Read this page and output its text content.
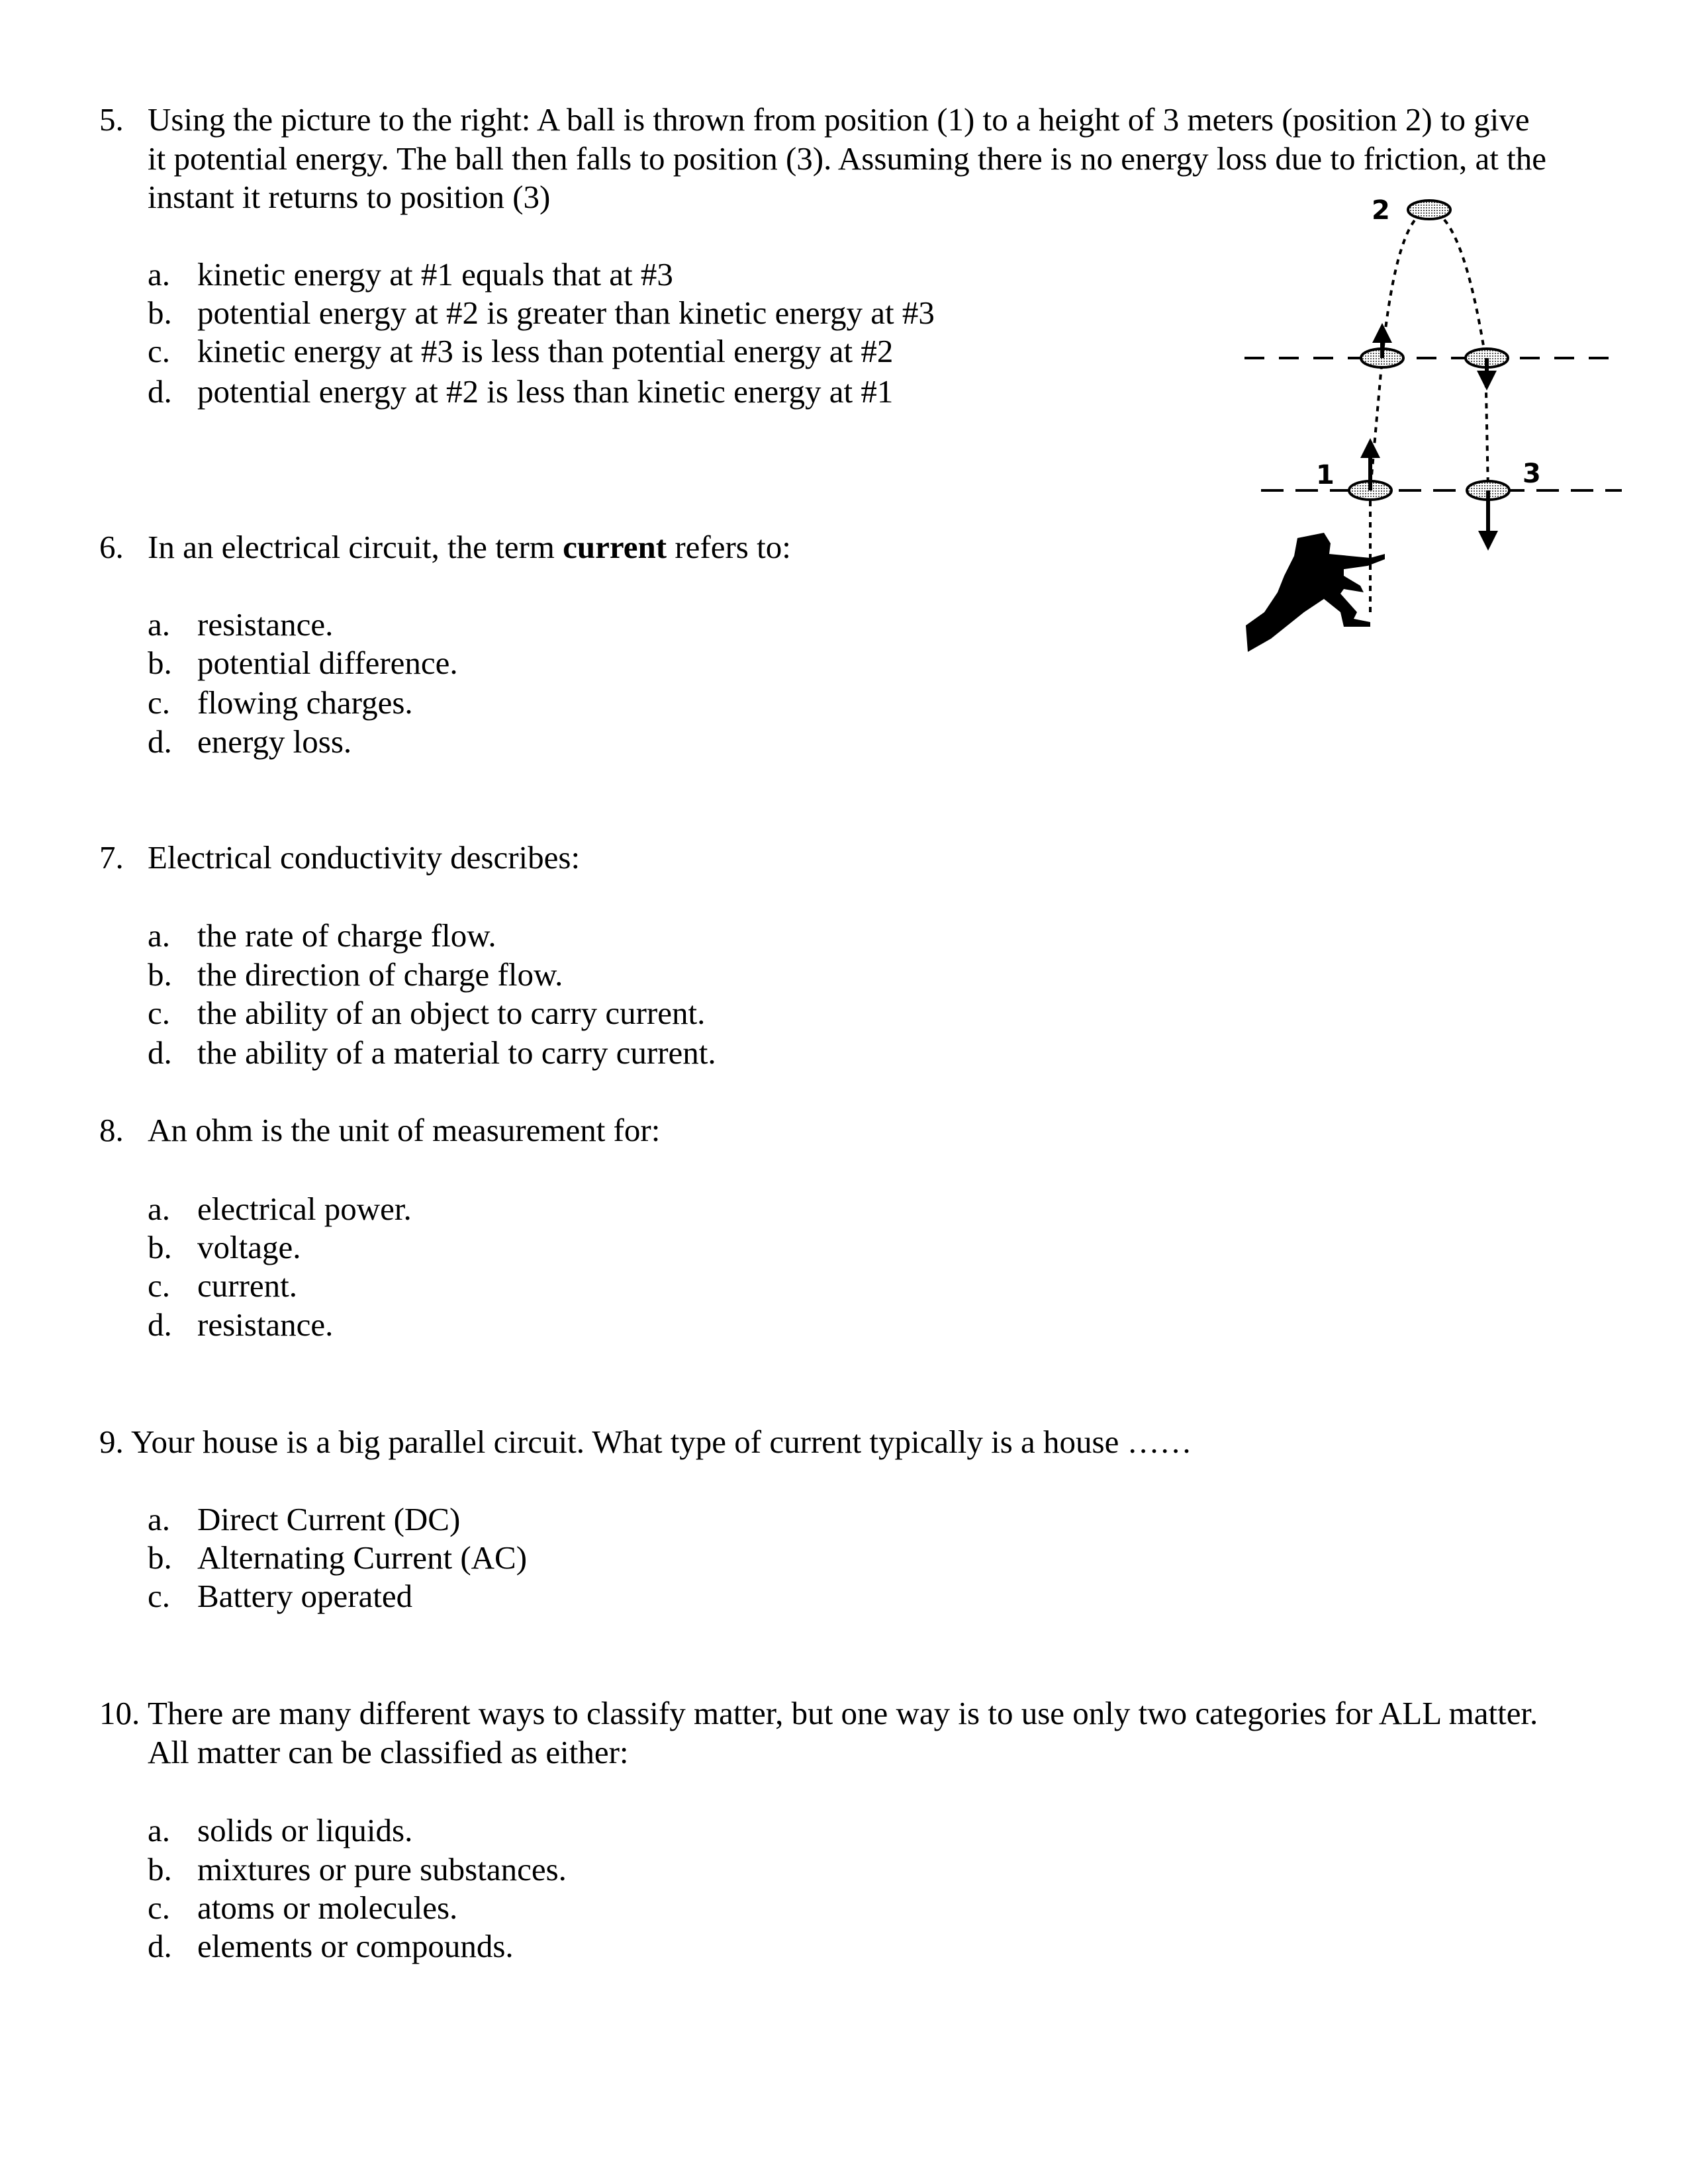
5. Using the picture to the right: A ball is thrown from position (1) to a height of 3 meters (position 2) to give
it potential energy. The ball then falls to position (3). Assuming there is no energy loss due to friction, at the
instant it returns to position (3)
a. kinetic energy at #1 equals that at #3
b. potential energy at #2 is greater than kinetic energy at #3
c. kinetic energy at #3 is less than potential energy at #2
d. potential energy at #2 is less than kinetic energy at #1
6. In an electrical circuit, the term current refers to:
a. resistance.
b. potential difference.
c. flowing charges.
d. energy loss.
7. Electrical conductivity describes:
a. the rate of charge flow.
b. the direction of charge flow.
c. the ability of an object to carry current.
d. the ability of a material to carry current.
8. An ohm is the unit of measurement for:
a. electrical power.
b. voltage.
c. current.
d. resistance.
9. Your house is a big parallel circuit. What type of current typically is a house ……
a. Direct Current (DC)
b. Alternating Current (AC)
c. Battery operated
10. There are many different ways to classify matter, but one way is to use only two categories for ALL matter.
All matter can be classified as either:
a. solids or liquids.
b. mixtures or pure substances.
c. atoms or molecules.
d. elements or compounds.
2
1	3
